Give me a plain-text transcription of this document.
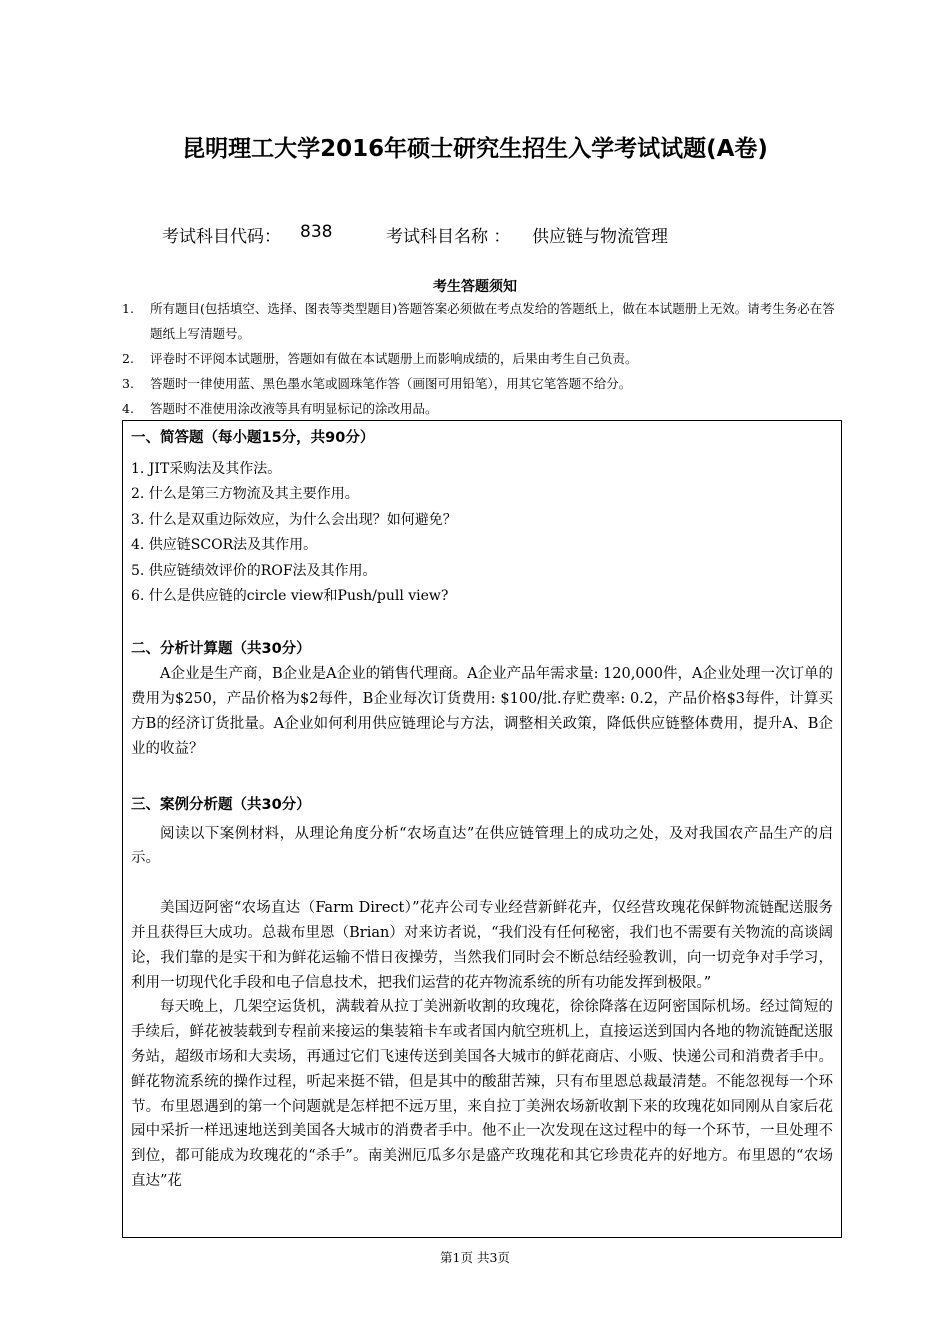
昆明理工大学2016年硕士研究生招生入学考试试题(A卷)
考试科目代码： 838	考试科目名称 ： 供应链与物流管理
考生答题须知
1. 所有题目(包括填空、选择、图表等类型题目)答题答案必须做在考点发给的答题纸上，做在本试题册上无效。请考生务必在答题纸上写清题号。
2. 评卷时不评阅本试题册，答题如有做在本试题册上而影响成绩的，后果由考生自己负责。
3. 答题时一律使用蓝、黑色墨水笔或圆珠笔作答（画图可用铅笔），用其它笔答题不给分。
4. 答题时不准使用涂改液等具有明显标记的涂改用品。
一、简答题（每小题15分，共90分）
1. JIT采购法及其作法。
2. 什么是第三方物流及其主要作用。
3. 什么是双重边际效应，为什么会出现？如何避免？
4. 供应链SCOR法及其作用。
5. 供应链绩效评价的ROF法及其作用。
6. 什么是供应链的circle view和Push/pull view?
二、分析计算题（共30分）

A企业是生产商，B企业是A企业的销售代理商。A企业产品年需求量: 120,000件，A企业处理一次订单的费用为$250，产品价格为$2每件，B企业每次订货费用: $100/批.存贮费率: 0.2，产品价格$3每件，计算买方B的经济订货批量。A企业如何利用供应链理论与方法，调整相关政策，降低供应链整体费用，提升A、B企业的收益？

三、案例分析题（共30分）

阅读以下案例材料，从理论角度分析“农场直达”在供应链管理上的成功之处，及对我国农产品生产的启示。

美国迈阿密“农场直达（Farm Direct）”花卉公司专业经营新鲜花卉，仅经营玫瑰花保鲜物流链配送服务并且获得巨大成功。总裁布里恩（Brian）对来访者说，“我们没有任何秘密，我们也不需要有关物流的高谈阔论，我们靠的是实干和为鲜花运输不惜日夜操劳，当然我们同时会不断总结经验教训，向一切竞争对手学习，利用一切现代化手段和电子信息技术，把我们运营的花卉物流系统的所有功能发挥到极限。”

每天晚上，几架空运货机，满载着从拉丁美洲新收割的玫瑰花，徐徐降落在迈阿密国际机场。经过简短的手续后，鲜花被装载到专程前来接运的集装箱卡车或者国内航空班机上，直接运送到国内各地的物流链配送服务站，超级市场和大卖场，再通过它们飞速传送到美国各大城市的鲜花商店、小贩、快递公司和消费者手中。鲜花物流系统的操作过程，听起来挺不错，但是其中的酸甜苦辣，只有布里恩总裁最清楚。不能忽视每一个环节。布里恩遇到的第一个问题就是怎样把不远万里，来自拉丁美洲农场新收割下来的玫瑰花如同刚从自家后花园中采折一样迅速地送到美国各大城市的消费者手中。他不止一次发现在这过程中的每一个环节，一旦处理不到位，都可能成为玫瑰花的“杀手”。南美洲厄瓜多尔是盛产玫瑰花和其它珍贵花卉的好地方。布里恩的“农场直达”花

第1页 共3页
